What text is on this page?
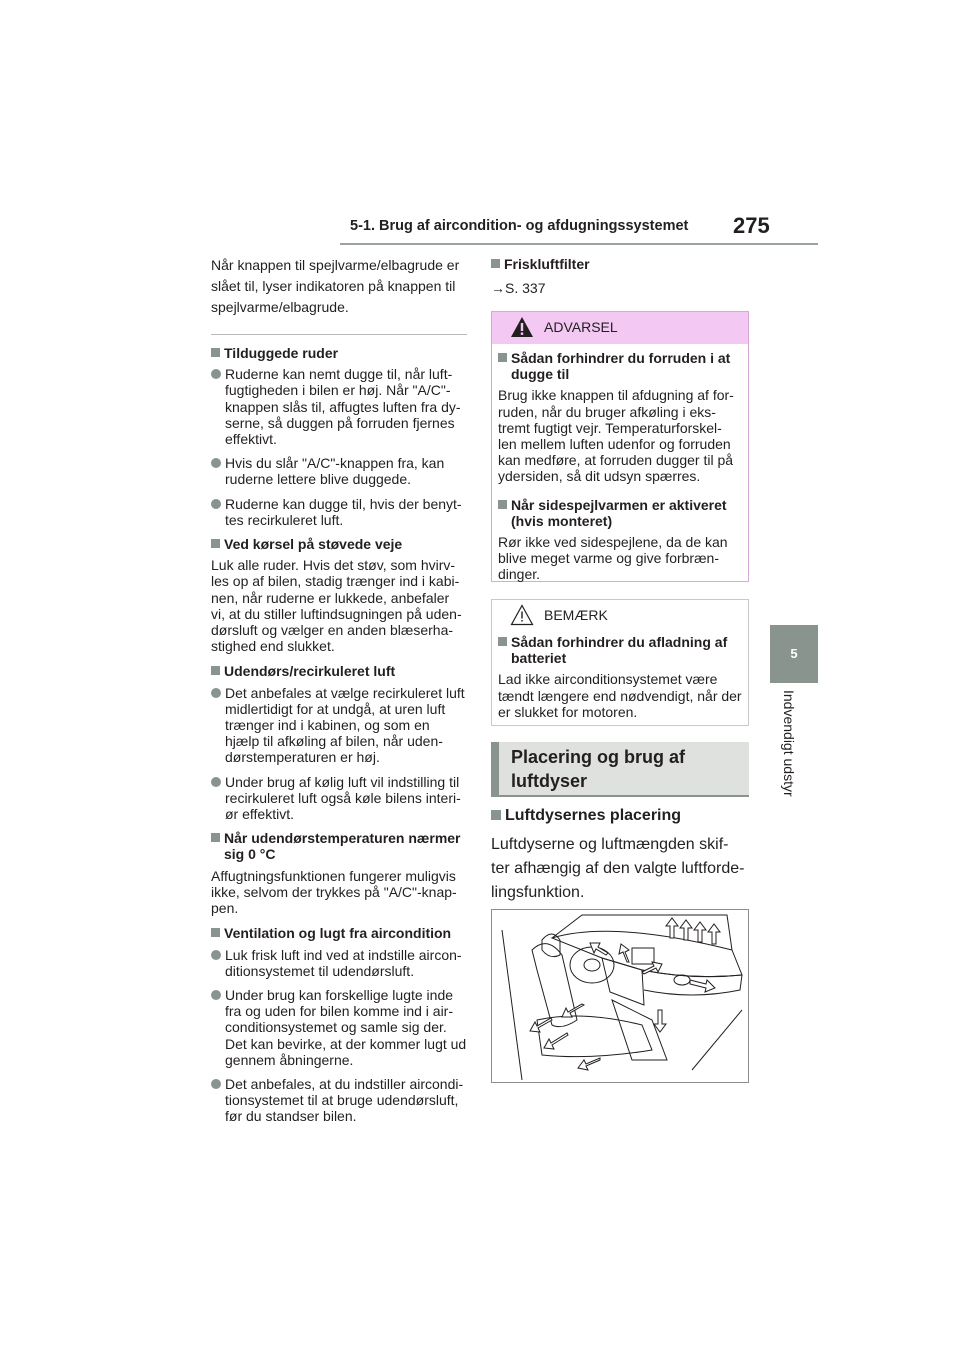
5-1. Brug af aircondition- og afdugningssystemet 275
5
Indvendigt udstyr
Når knappen til spejlvarme/elbagrude er slået til, lyser indikatoren på knappen til spejlvarme/elbagrude.
Tilduggede ruder
Ruderne kan nemt dugge til, når luft- fugtigheden i bilen er høj. Når "A/C"- knappen slås til, affugtes luften fra dy- serne, så duggen på forruden fjernes effektivt.
Hvis du slår "A/C"-knappen fra, kan ruderne lettere blive duggede.
Ruderne kan dugge til, hvis der benyt- tes recirkuleret luft.
Ved kørsel på støvede veje
Luk alle ruder. Hvis det støv, som hvirv- les op af bilen, stadig trænger ind i kabi- nen, når ruderne er lukkede, anbefaler vi, at du stiller luftindsugningen på uden- dørsluft og vælger en anden blæserha- stighed end slukket.
Udendørs/recirkuleret luft
Det anbefales at vælge recirkuleret luft midlertidigt for at undgå, at uren luft trænger ind i kabinen, og som en hjælp til afkøling af bilen, når uden- dørstemperaturen er høj.
Under brug af kølig luft vil indstilling til recirkuleret luft også køle bilens interi- ør effektivt.
Når udendørstemperaturen nærmer sig 0 °C
Affugtningsfunktionen fungerer muligvis ikke, selvom der trykkes på "A/C"-knap- pen.
Ventilation og lugt fra aircondition
Luk frisk luft ind ved at indstille aircon- ditionsystemet til udendørsluft.
Under brug kan forskellige lugte inde fra og uden for bilen komme ind i air- conditionsystemet og samle sig der. Det kan bevirke, at der kommer lugt ud gennem åbningerne.
Det anbefales, at du indstiller aircondi- tionsystemet til at bruge udendørsluft, før du standser bilen.
Friskluftfilter
→S. 337
ADVARSEL
Sådan forhindrer du forruden i at dugge til
Brug ikke knappen til afdugning af for- ruden, når du bruger afkøling i eks- tremt fugtigt vejr. Temperaturforskel- len mellem luften udenfor og forruden kan medføre, at forruden dugger til på ydersiden, så dit udsyn spærres.
Når sidespejlvarmen er aktiveret (hvis monteret)
Rør ikke ved sidespejlene, da de kan blive meget varme og give forbræn- dinger.
BEMÆRK
Sådan forhindrer du afladning af batteriet
Lad ikke airconditionsystemet være tændt længere end nødvendigt, når der er slukket for motoren.
Placering og brug af luftdyser
Luftdysernes placering
Luftdyserne og luftmængden skif- ter afhængig af den valgte luftforde- lingsfunktion.
